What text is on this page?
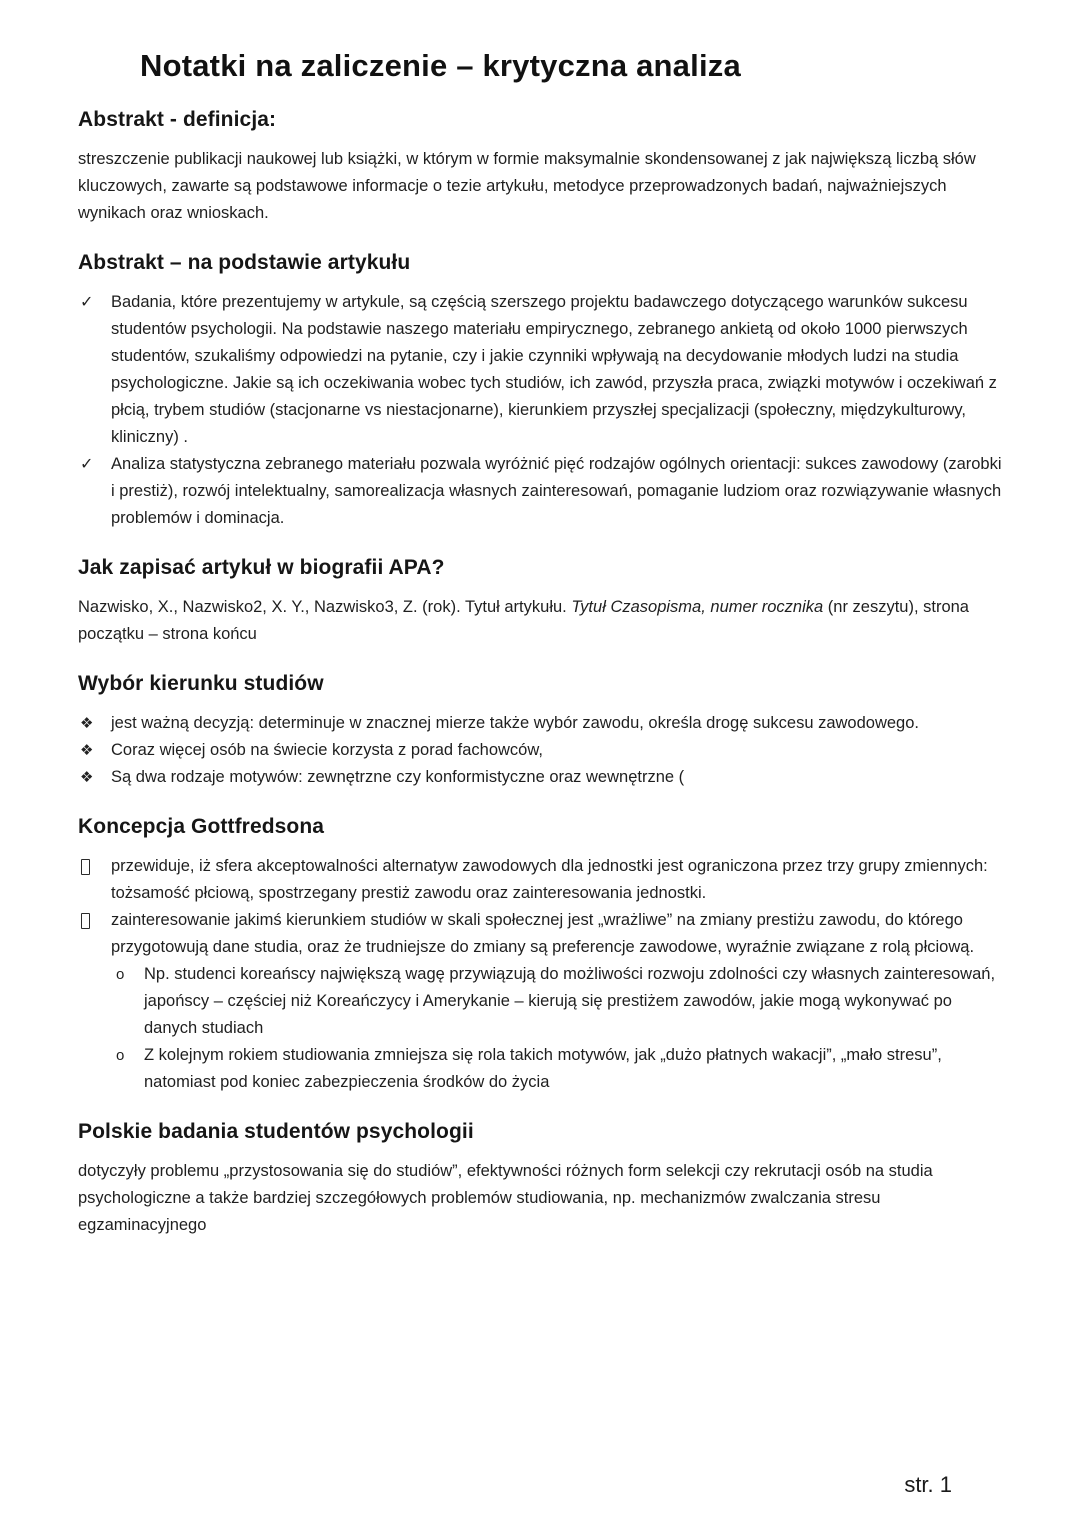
Notatki na zaliczenie – krytyczna analiza
Abstrakt - definicja:

streszczenie publikacji naukowej lub książki, w którym w formie maksymalnie skondensowanej z jak największą liczbą słów kluczowych, zawarte są podstawowe informacje o tezie artykułu, metodyce przeprowadzonych badań, najważniejszych wynikach oraz wnioskach.

Abstrakt – na podstawie artykułu
✓ Badania, które prezentujemy w artykule, są częścią szerszego projektu badawczego dotyczącego warunków sukcesu studentów psychologii. Na podstawie naszego materiału empirycznego, zebranego ankietą od około 1000 pierwszych studentów, szukaliśmy odpowiedzi na pytanie, czy i jakie czynniki wpływają na decydowanie młodych ludzi na studia psychologiczne. Jakie są ich oczekiwania wobec tych studiów, ich zawód, przyszła praca, związki motywów i oczekiwań z płcią, trybem studiów (stacjonarne vs niestacjonarne), kierunkiem przyszłej specjalizacji (społeczny, międzykulturowy, kliniczny) .
✓ Analiza statystyczna zebranego materiału pozwala wyróżnić pięć rodzajów ogólnych orientacji: sukces zawodowy (zarobki i prestiż), rozwój intelektualny, samorealizacja własnych zainteresowań, pomaganie ludziom oraz rozwiązywanie własnych problemów i dominacja.
Jak zapisać artykuł w biografii APA?

Nazwisko, X., Nazwisko2, X. Y., Nazwisko3, Z. (rok). Tytuł artykułu. Tytuł Czasopisma, numer rocznika (nr zeszytu), strona początku – strona końcu

Wybór kierunku studiów
❖ jest ważną decyzją: determinuje w znacznej mierze także wybór zawodu, określa drogę sukcesu zawodowego.
❖ Coraz więcej osób na świecie korzysta z porad fachowców,
❖ Są dwa rodzaje motywów: zewnętrzne czy konformistyczne oraz wewnętrzne (
Koncepcja Gottfredsona
przewiduje, iż sfera akceptowalności alternatyw zawodowych dla jednostki jest ograniczona przez trzy grupy zmiennych: tożsamość płciową, spostrzegany prestiż zawodu oraz zainteresowania jednostki.
zainteresowanie jakimś kierunkiem studiów w skali społecznej jest „wrażliwe” na zmiany prestiżu zawodu, do którego przygotowują dane studia, oraz że trudniejsze do zmiany są preferencje zawodowe, wyraźnie związane z rolą płciową.
o Np. studenci koreańscy największą wagę przywiązują do możliwości rozwoju zdolności czy własnych zainteresowań, japońscy – częściej niż Koreańczycy i Amerykanie – kierują się prestiżem zawodów, jakie mogą wykonywać po danych studiach
o Z kolejnym rokiem studiowania zmniejsza się rola takich motywów, jak „dużo płatnych wakacji”, „mało stresu”, natomiast pod koniec zabezpieczenia środków do życia
Polskie badania studentów psychologii

dotyczyły problemu „przystosowania się do studiów”, efektywności różnych form selekcji czy rekrutacji osób na studia psychologiczne a także bardziej szczegółowych problemów studiowania, np. mechanizmów zwalczania stresu egzaminacyjnego

str. 1
